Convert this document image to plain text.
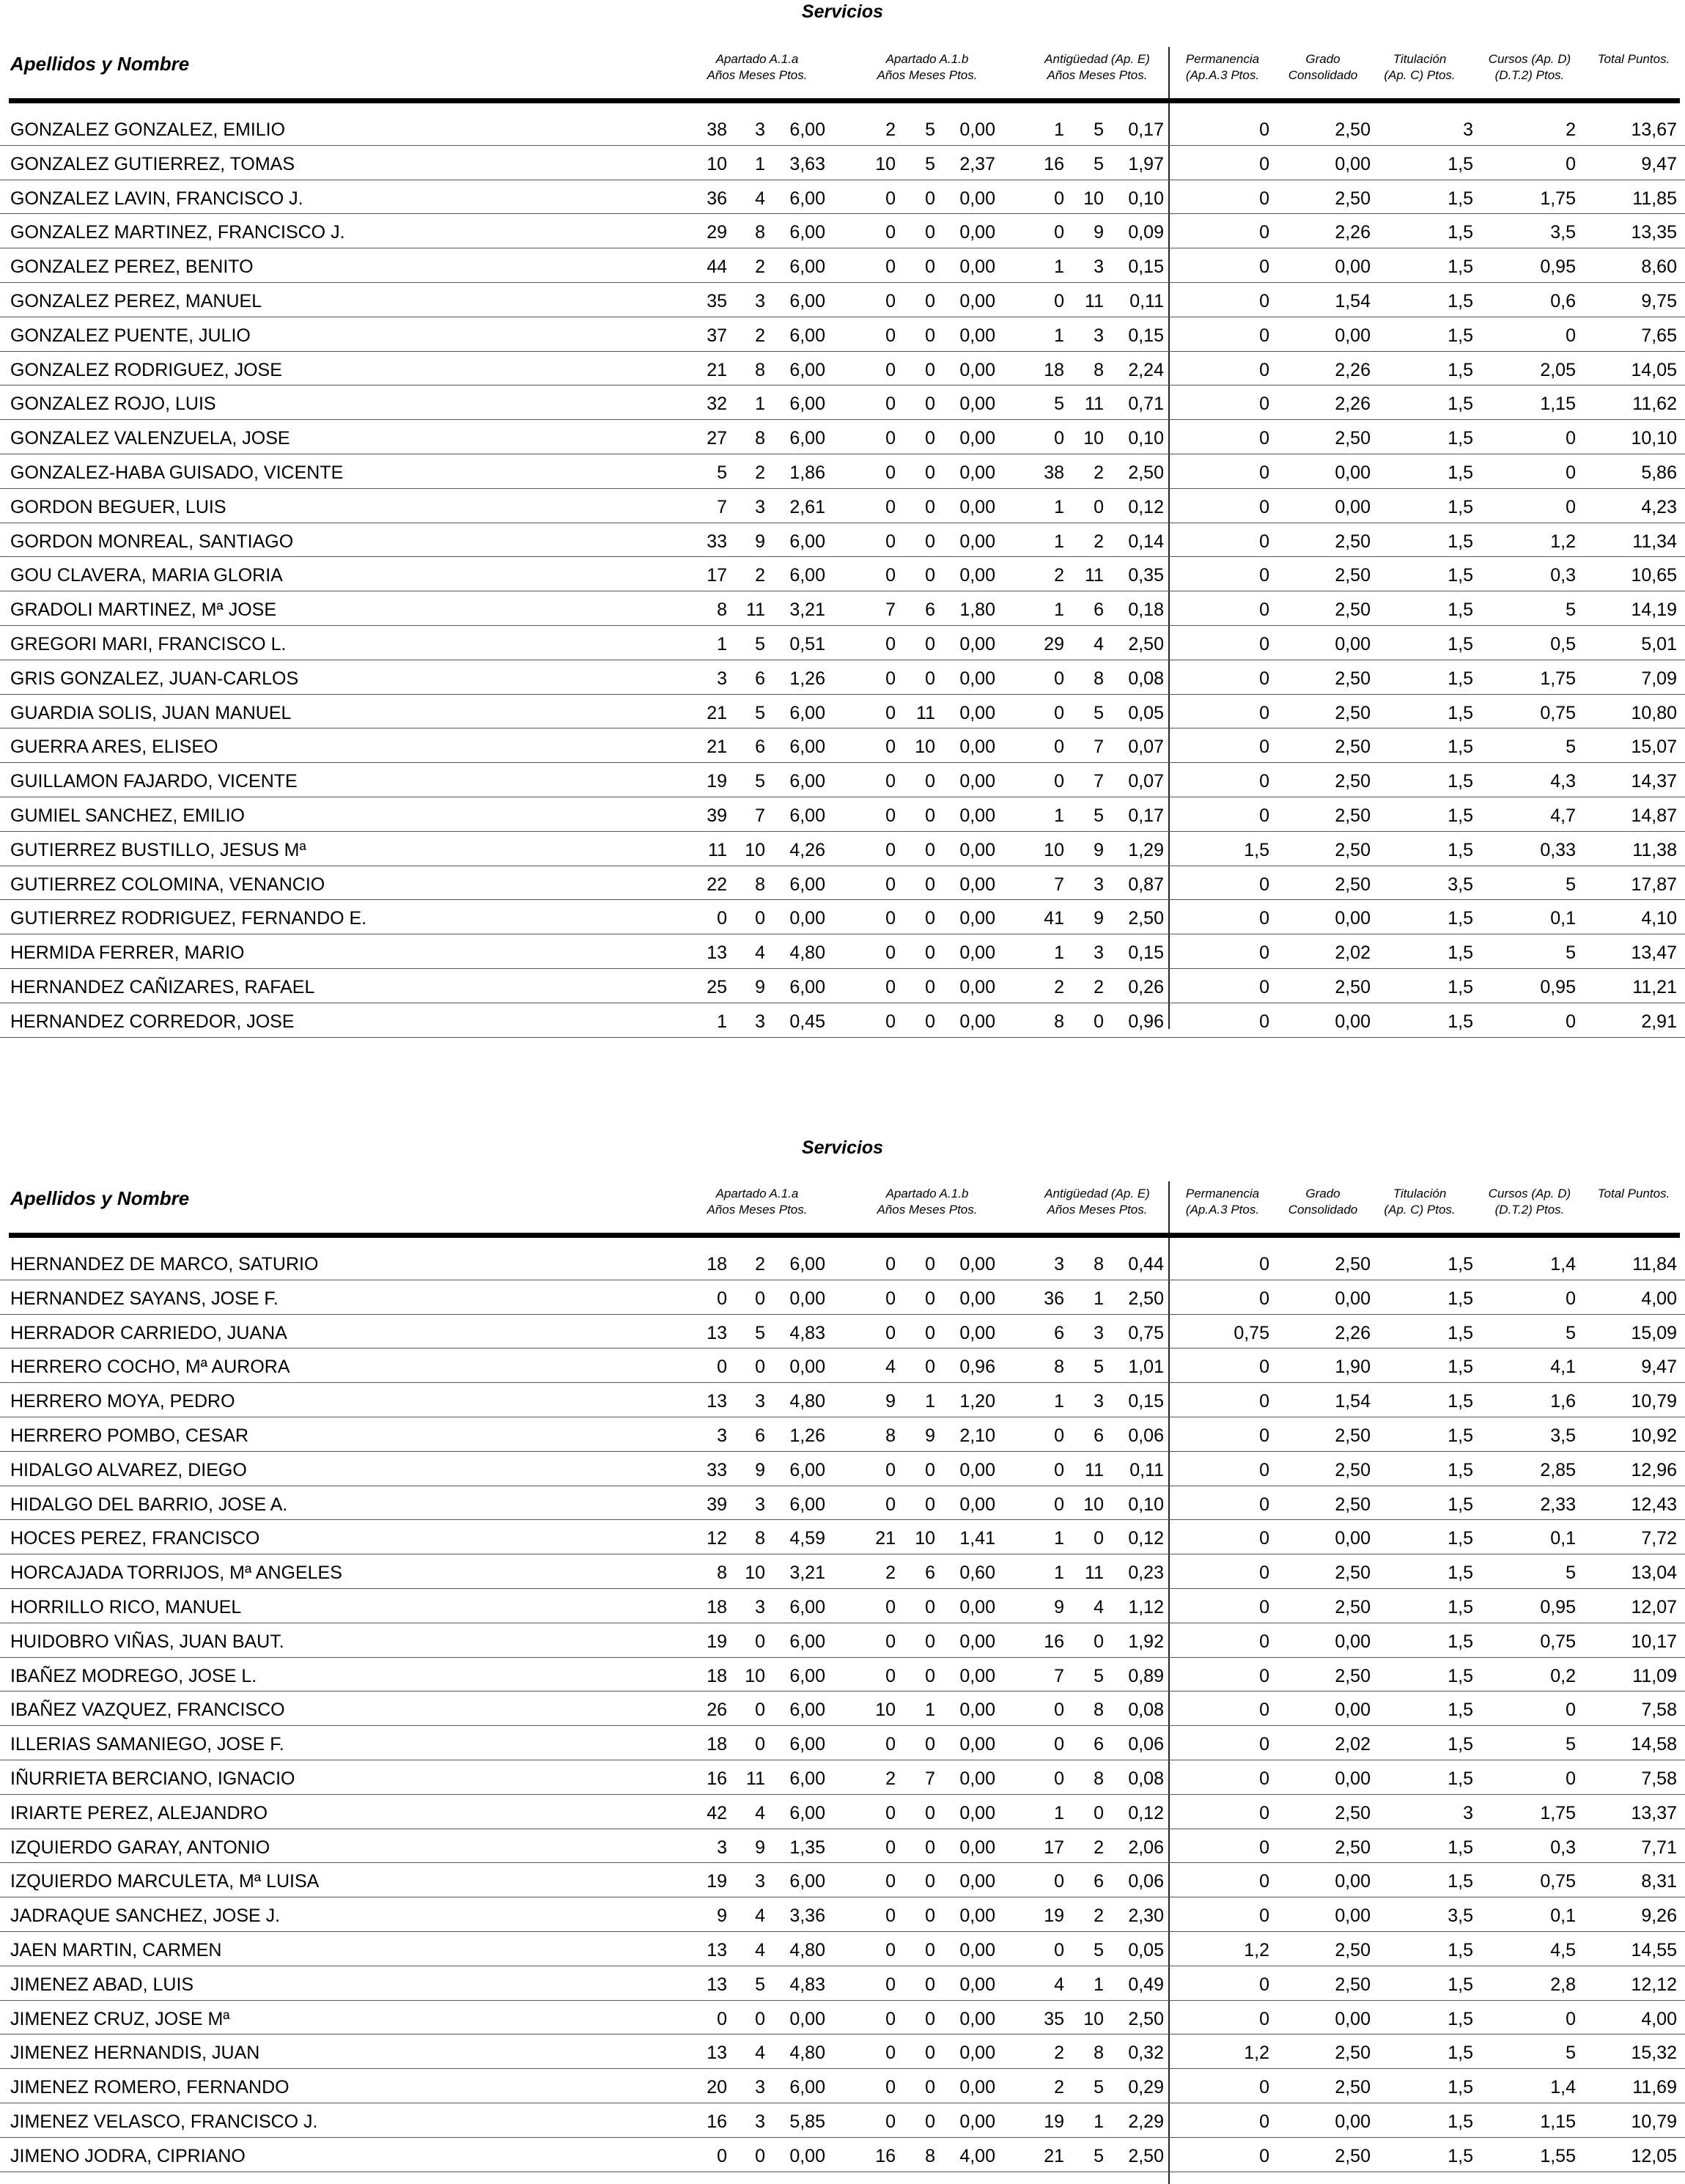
Servicios
Apellidos y Nombre	Apartado A.1.a
Años Meses Ptos.
Apartado A.1.b
Años Meses Ptos.
Antigüedad (Ap. E)
Años Meses Ptos.
Permanencia
(Ap.A.3 Ptos.
Grado
Consolidado
Titulación
(Ap. C) Ptos.
Cursos (Ap. D)
(D.T.2) Ptos.
Total Puntos.
GONZALEZ GONZALEZ, EMILIO	38	3	6,00	2	5	0,00	1	5	0,17	0	2,50	3	2	13,67
GONZALEZ GUTIERREZ, TOMAS	10	1	3,63	10	5	2,37	16	5	1,97	0	0,00	1,5	0	9,47
GONZALEZ LAVIN, FRANCISCO J.	36	4	6,00	0	0	0,00	0	10	0,10	0	2,50	1,5	1,75	11,85
GONZALEZ MARTINEZ, FRANCISCO J.	29	8	6,00	0	0	0,00	0	9	0,09	0	2,26	1,5	3,5	13,35
GONZALEZ PEREZ, BENITO	44	2	6,00	0	0	0,00	1	3	0,15	0	0,00	1,5	0,95	8,60
GONZALEZ PEREZ, MANUEL	35	3	6,00	0	0	0,00	0	11	0,11	0	1,54	1,5	0,6	9,75
GONZALEZ PUENTE, JULIO	37	2	6,00	0	0	0,00	1	3	0,15	0	0,00	1,5	0	7,65
GONZALEZ RODRIGUEZ, JOSE	21	8	6,00	0	0	0,00	18	8	2,24	0	2,26	1,5	2,05	14,05
GONZALEZ ROJO, LUIS	32	1	6,00	0	0	0,00	5	11	0,71	0	2,26	1,5	1,15	11,62
GONZALEZ VALENZUELA, JOSE	27	8	6,00	0	0	0,00	0	10	0,10	0	2,50	1,5	0	10,10
GONZALEZ-HABA GUISADO, VICENTE	5	2	1,86	0	0	0,00	38	2	2,50	0	0,00	1,5	0	5,86
GORDON BEGUER, LUIS	7	3	2,61	0	0	0,00	1	0	0,12	0	0,00	1,5	0	4,23
GORDON MONREAL, SANTIAGO	33	9	6,00	0	0	0,00	1	2	0,14	0	2,50	1,5	1,2	11,34
GOU CLAVERA, MARIA GLORIA	17	2	6,00	0	0	0,00	2	11	0,35	0	2,50	1,5	0,3	10,65
GRADOLI MARTINEZ, Mª JOSE	8	11	3,21	7	6	1,80	1	6	0,18	0	2,50	1,5	5	14,19
GREGORI MARI, FRANCISCO L.	1	5	0,51	0	0	0,00	29	4	2,50	0	0,00	1,5	0,5	5,01
GRIS GONZALEZ, JUAN-CARLOS	3	6	1,26	0	0	0,00	0	8	0,08	0	2,50	1,5	1,75	7,09
GUARDIA SOLIS, JUAN MANUEL	21	5	6,00	0	11	0,00	0	5	0,05	0	2,50	1,5	0,75	10,80
GUERRA ARES, ELISEO	21	6	6,00	0	10	0,00	0	7	0,07	0	2,50	1,5	5	15,07
GUILLAMON FAJARDO, VICENTE	19	5	6,00	0	0	0,00	0	7	0,07	0	2,50	1,5	4,3	14,37
GUMIEL SANCHEZ, EMILIO	39	7	6,00	0	0	0,00	1	5	0,17	0	2,50	1,5	4,7	14,87
GUTIERREZ BUSTILLO, JESUS Mª	11 10	4,26	0	0	0,00	10	9	1,29	1,5	2,50	1,5	0,33	11,38
GUTIERREZ COLOMINA, VENANCIO	22	8	6,00	0	0	0,00	7	3	0,87	0	2,50	3,5	5	17,87
GUTIERREZ RODRIGUEZ, FERNANDO E.	0	0	0,00	0	0	0,00	41	9	2,50	0	0,00	1,5	0,1	4,10
HERMIDA FERRER, MARIO	13	4	4,80	0	0	0,00	1	3	0,15	0	2,02	1,5	5	13,47
HERNANDEZ CAÑIZARES, RAFAEL	25	9	6,00	0	0	0,00	2	2	0,26	0	2,50	1,5	0,95	11,21
HERNANDEZ CORREDOR, JOSE	1	3	0,45	0	0	0,00	8	0	0,96	0	0,00	1,5	0	2,91
Servicios
Apellidos y Nombre	Apartado A.1.a
Años Meses Ptos.
Apartado A.1.b
Años Meses Ptos.
Antigüedad (Ap. E)
Años Meses Ptos.
Permanencia
(Ap.A.3 Ptos.
Grado
Consolidado
Titulación
(Ap. C) Ptos.
Cursos (Ap. D)
(D.T.2) Ptos.
Total Puntos.
HERNANDEZ DE MARCO, SATURIO	18	2	6,00	0	0	0,00	3	8	0,44	0	2,50	1,5	1,4	11,84
HERNANDEZ SAYANS, JOSE F.	0	0	0,00	0	0	0,00	36	1	2,50	0	0,00	1,5	0	4,00
HERRADOR CARRIEDO, JUANA	13	5	4,83	0	0	0,00	6	3	0,75	0,75	2,26	1,5	5	15,09
HERRERO COCHO, Mª AURORA	0	0	0,00	4	0	0,96	8	5	1,01	0	1,90	1,5	4,1	9,47
HERRERO MOYA, PEDRO	13	3	4,80	9	1	1,20	1	3	0,15	0	1,54	1,5	1,6	10,79
HERRERO POMBO, CESAR	3	6	1,26	8	9	2,10	0	6	0,06	0	2,50	1,5	3,5	10,92
HIDALGO ALVAREZ, DIEGO	33	9	6,00	0	0	0,00	0	11	0,11	0	2,50	1,5	2,85	12,96
HIDALGO DEL BARRIO, JOSE A.	39	3	6,00	0	0	0,00	0	10	0,10	0	2,50	1,5	2,33	12,43
HOCES PEREZ, FRANCISCO	12	8	4,59	21	10	1,41	1	0	0,12	0	0,00	1,5	0,1	7,72
HORCAJADA TORRIJOS, Mª ANGELES	8 10	3,21	2	6	0,60	1	11	0,23	0	2,50	1,5	5	13,04
HORRILLO RICO, MANUEL	18	3	6,00	0	0	0,00	9	4	1,12	0	2,50	1,5	0,95	12,07
HUIDOBRO VIÑAS, JUAN BAUT.	19	0	6,00	0	0	0,00	16	0	1,92	0	0,00	1,5	0,75	10,17
IBAÑEZ MODREGO, JOSE L.	18 10	6,00	0	0	0,00	7	5	0,89	0	2,50	1,5	0,2	11,09
IBAÑEZ VAZQUEZ, FRANCISCO	26	0	6,00	10	1	0,00	0	8	0,08	0	0,00	1,5	0	7,58
ILLERIAS SAMANIEGO, JOSE F.	18	0	6,00	0	0	0,00	0	6	0,06	0	2,02	1,5	5	14,58
IÑURRIETA BERCIANO, IGNACIO	16	11	6,00	2	7	0,00	0	8	0,08	0	0,00	1,5	0	7,58
IRIARTE PEREZ, ALEJANDRO	42	4	6,00	0	0	0,00	1	0	0,12	0	2,50	3	1,75	13,37
IZQUIERDO GARAY, ANTONIO	3	9	1,35	0	0	0,00	17	2	2,06	0	2,50	1,5	0,3	7,71
IZQUIERDO MARCULETA, Mª LUISA	19	3	6,00	0	0	0,00	0	6	0,06	0	0,00	1,5	0,75	8,31
JADRAQUE SANCHEZ, JOSE J.	9	4	3,36	0	0	0,00	19	2	2,30	0	0,00	3,5	0,1	9,26
JAEN MARTIN, CARMEN	13	4	4,80	0	0	0,00	0	5	0,05	1,2	2,50	1,5	4,5	14,55
JIMENEZ ABAD, LUIS	13	5	4,83	0	0	0,00	4	1	0,49	0	2,50	1,5	2,8	12,12
JIMENEZ CRUZ, JOSE Mª	0	0	0,00	0	0	0,00	35	10	2,50	0	0,00	1,5	0	4,00
JIMENEZ HERNANDIS, JUAN	13	4	4,80	0	0	0,00	2	8	0,32	1,2	2,50	1,5	5	15,32
JIMENEZ ROMERO, FERNANDO	20	3	6,00	0	0	0,00	2	5	0,29	0	2,50	1,5	1,4	11,69
JIMENEZ VELASCO, FRANCISCO J.	16	3	5,85	0	0	0,00	19	1	2,29	0	0,00	1,5	1,15	10,79
JIMENO JODRA, CIPRIANO	0	0	0,00	16	8	4,00	21	5	2,50	0	2,50	1,5	1,55	12,05
